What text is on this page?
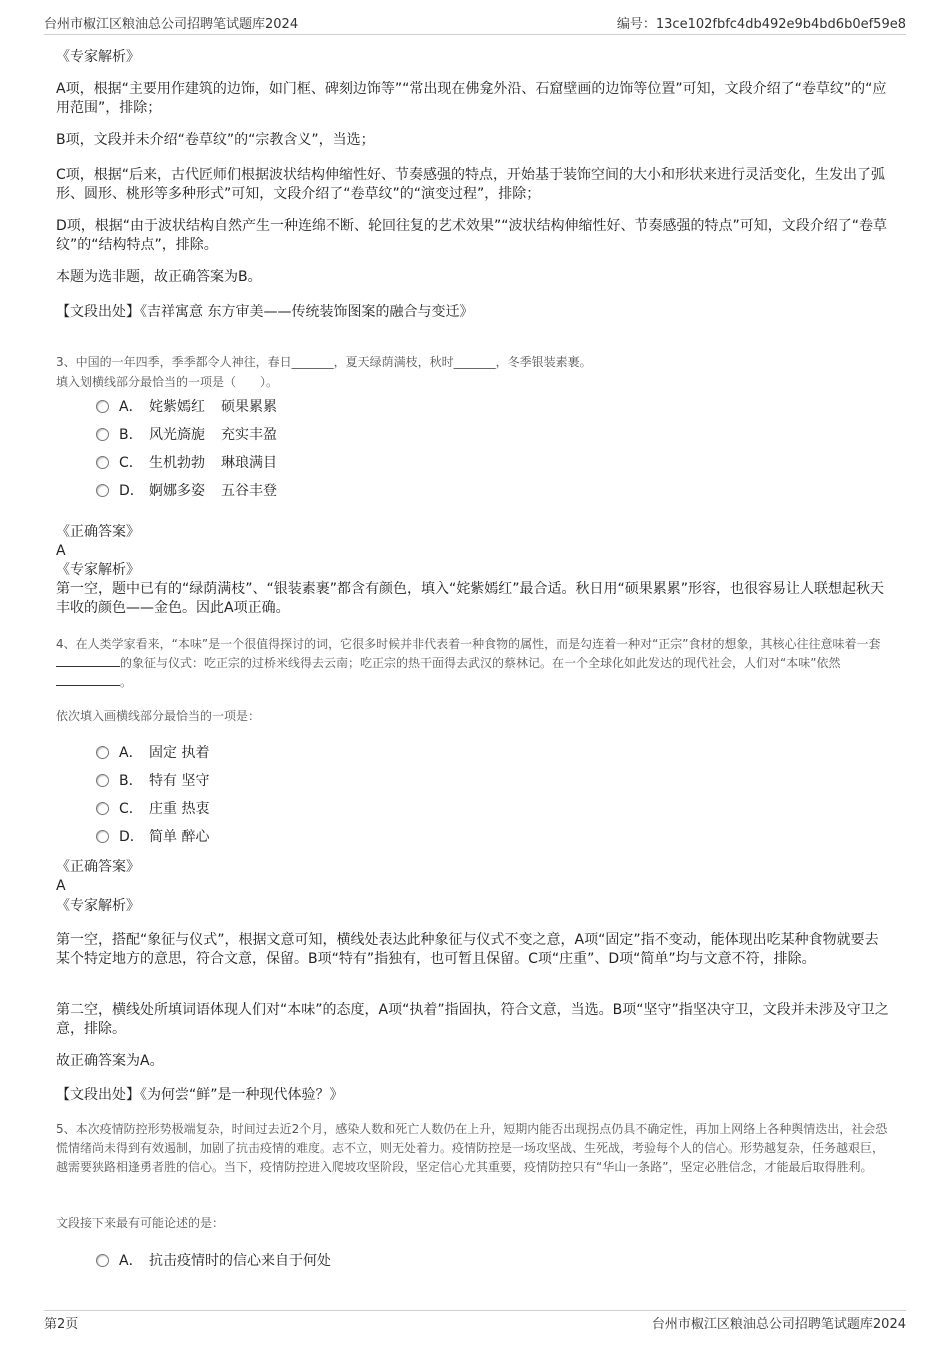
台州市椒江区粮油总公司招聘笔试题库2024	编号：13ce102fbfc4db492e9b4bd6b0ef59e8
《专家解析》
A项，根据“主要用作建筑的边饰，如门框、碑刻边饰等”“常出现在佛龛外沿、石窟壁画的边饰等位置”可知，文段介绍了“卷草纹”的“应用范围”，排除；
B项，文段并未介绍“卷草纹”的“宗教含义”，当选；
C项，根据“后来，古代匠师们根据波状结构伸缩性好、节奏感强的特点，开始基于装饰空间的大小和形状来进行灵活变化，生发出了弧形、圆形、桃形等多种形式”可知，文段介绍了“卷草纹”的“演变过程”，排除；
D项，根据“由于波状结构自然产生一种连绵不断、轮回往复的艺术效果”“波状结构伸缩性好、节奏感强的特点”可知，文段介绍了“卷草纹”的“结构特点”，排除。
本题为选非题，故正确答案为B。
【文段出处】《吉祥寓意 东方审美——传统装饰图案的融合与变迁》
3、中国的一年四季，季季都令人神往，春日_______，夏天绿荫满枝，秋时_______，冬季银装素裹。
填入划横线部分最恰当的一项是（　　）。
A． 姹紫嫣红 硕果累累
B． 风光旖旎 充实丰盈
C． 生机勃勃 琳琅满目
D． 婀娜多姿 五谷丰登
《正确答案》
A
《专家解析》
第一空，题中已有的“绿荫满枝”、“银装素裹”都含有颜色，填入“姹紫嫣红”最合适。秋日用“硕果累累”形容，也很容易让人联想起秋天丰收的颜色——金色。因此A项正确。
4、在人类学家看来，“本味”是一个很值得探讨的词，它很多时候并非代表着一种食物的属性，而是勾连着一种对“正宗”食材的想象，其核心往往意味着一套的象征与仪式：吃正宗的过桥米线得去云南；吃正宗的热干面得去武汉的蔡林记。在一个全球化如此发达的现代社会，人们对“本味”依然。
依次填入画横线部分最恰当的一项是：
A． 固定 执着
B． 特有 坚守
C． 庄重 热衷
D． 简单 醉心
《正确答案》
A
《专家解析》
第一空，搭配“象征与仪式”，根据文意可知，横线处表达此种象征与仪式不变之意，A项“固定”指不变动，能体现出吃某种食物就要去某个特定地方的意思，符合文意，保留。B项“特有”指独有，也可暂且保留。C项“庄重”、D项“简单”均与文意不符，排除。
第二空，横线处所填词语体现人们对“本味”的态度，A项“执着”指固执，符合文意，当选。B项“坚守”指坚决守卫，文段并未涉及守卫之意，排除。
故正确答案为A。
【文段出处】《为何尝“鲜”是一种现代体验？》
5、本次疫情防控形势极端复杂，时间过去近2个月，感染人数和死亡人数仍在上升，短期内能否出现拐点仍具不确定性，再加上网络上各种舆情迭出，社会恐慌情绪尚未得到有效遏制，加剧了抗击疫情的难度。志不立，则无处着力。疫情防控是一场攻坚战、生死战，考验每个人的信心。形势越复杂，任务越艰巨，越需要狭路相逢勇者胜的信心。当下，疫情防控进入爬坡攻坚阶段，坚定信心尤其重要，疫情防控只有“华山一条路”，坚定必胜信念，才能最后取得胜利。
文段接下来最有可能论述的是：
A． 抗击疫情时的信心来自于何处
第2页	台州市椒江区粮油总公司招聘笔试题库2024
